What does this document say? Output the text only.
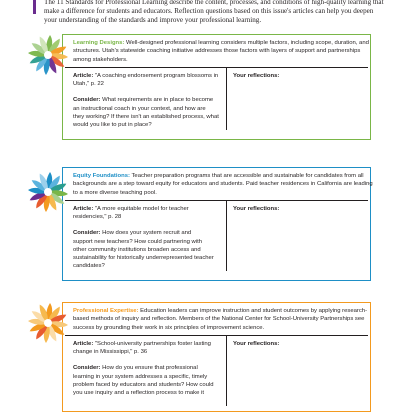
The 11 Standards for Professional Learning describe the content, processes, and conditions of high-quality learning that
make a difference for students and educators. Reflection questions based on this issue's articles can help you deepen
your understanding of the standards and improve your professional learning.

Learning Designs: Well-designed professional learning considers multiple factors, including scope, duration, and
structures. Utah's statewide coaching initiative addresses those factors with layers of support and partnerships
among stakeholders.
Article: "A coaching endorsement program blossoms in
Utah," p. 22
Consider: What requirements are in place to become
an instructional coach in your context, and how are
they working? If there isn't an established process, what
would you like to put in place?
Your reflections:
Equity Foundations: Teacher preparation programs that are accessible and sustainable for candidates from all
backgrounds are a step toward equity for educators and students. Paid teacher residences in California are leading
to a more diverse teaching pool.
Article: "A more equitable model for teacher
residencies," p. 28
Consider: How does your system recruit and
support new teachers? How could partnering with
other community institutions broaden access and
sustainability for historically underrepresented teacher
candidates?
Your reflections:
Professional Expertise: Education leaders can improve instruction and student outcomes by applying research-
based methods of inquiry and reflection. Members of the National Center for School-University Partnerships see
success by grounding their work in six principles of improvement science.
Article: "School-university partnerships foster lasting
change in Mississippi," p. 36
Consider: How do you ensure that professional
learning in your system addresses a specific, timely
problem faced by educators and students? How could
you use inquiry and a reflection process to make it
Your reflections:
